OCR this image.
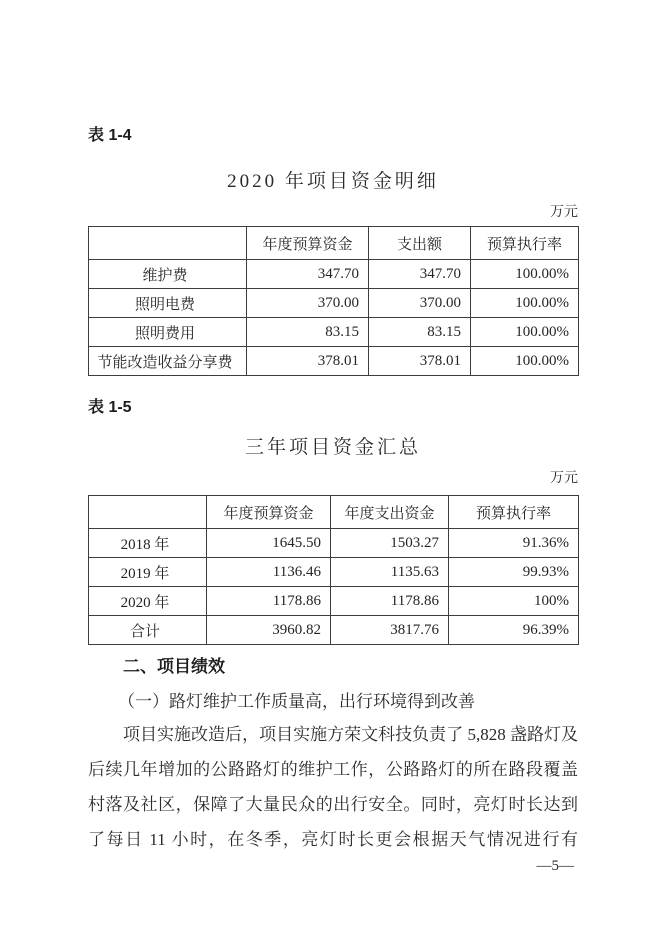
表 1-4
2020 年项目资金明细
万元
	年度预算资金	支出额	预算执行率
维护费	347.70	347.70	100.00%
照明电费	370.00	370.00	100.00%
照明费用	83.15	83.15	100.00%
节能改造收益分享费	378.01	378.01	100.00%
表 1-5
三年项目资金汇总
万元
	年度预算资金	年度支出资金	预算执行率
2018 年	1645.50	1503.27	91.36%
2019 年	1136.46	1135.63	99.93%
2020 年	1178.86	1178.86	100%
合计	3960.82	3817.76	96.39%
二、项目绩效
（一）路灯维护工作质量高，出行环境得到改善
项目实施改造后，项目实施方荣文科技负责了 5,828 盏路灯及后续几年增加的公路路灯的维护工作，公路路灯的所在路段覆盖村落及社区，保障了大量民众的出行安全。同时，亮灯时长达到了每日 11 小时，在冬季，亮灯时长更会根据天气情况进行有
—5—
